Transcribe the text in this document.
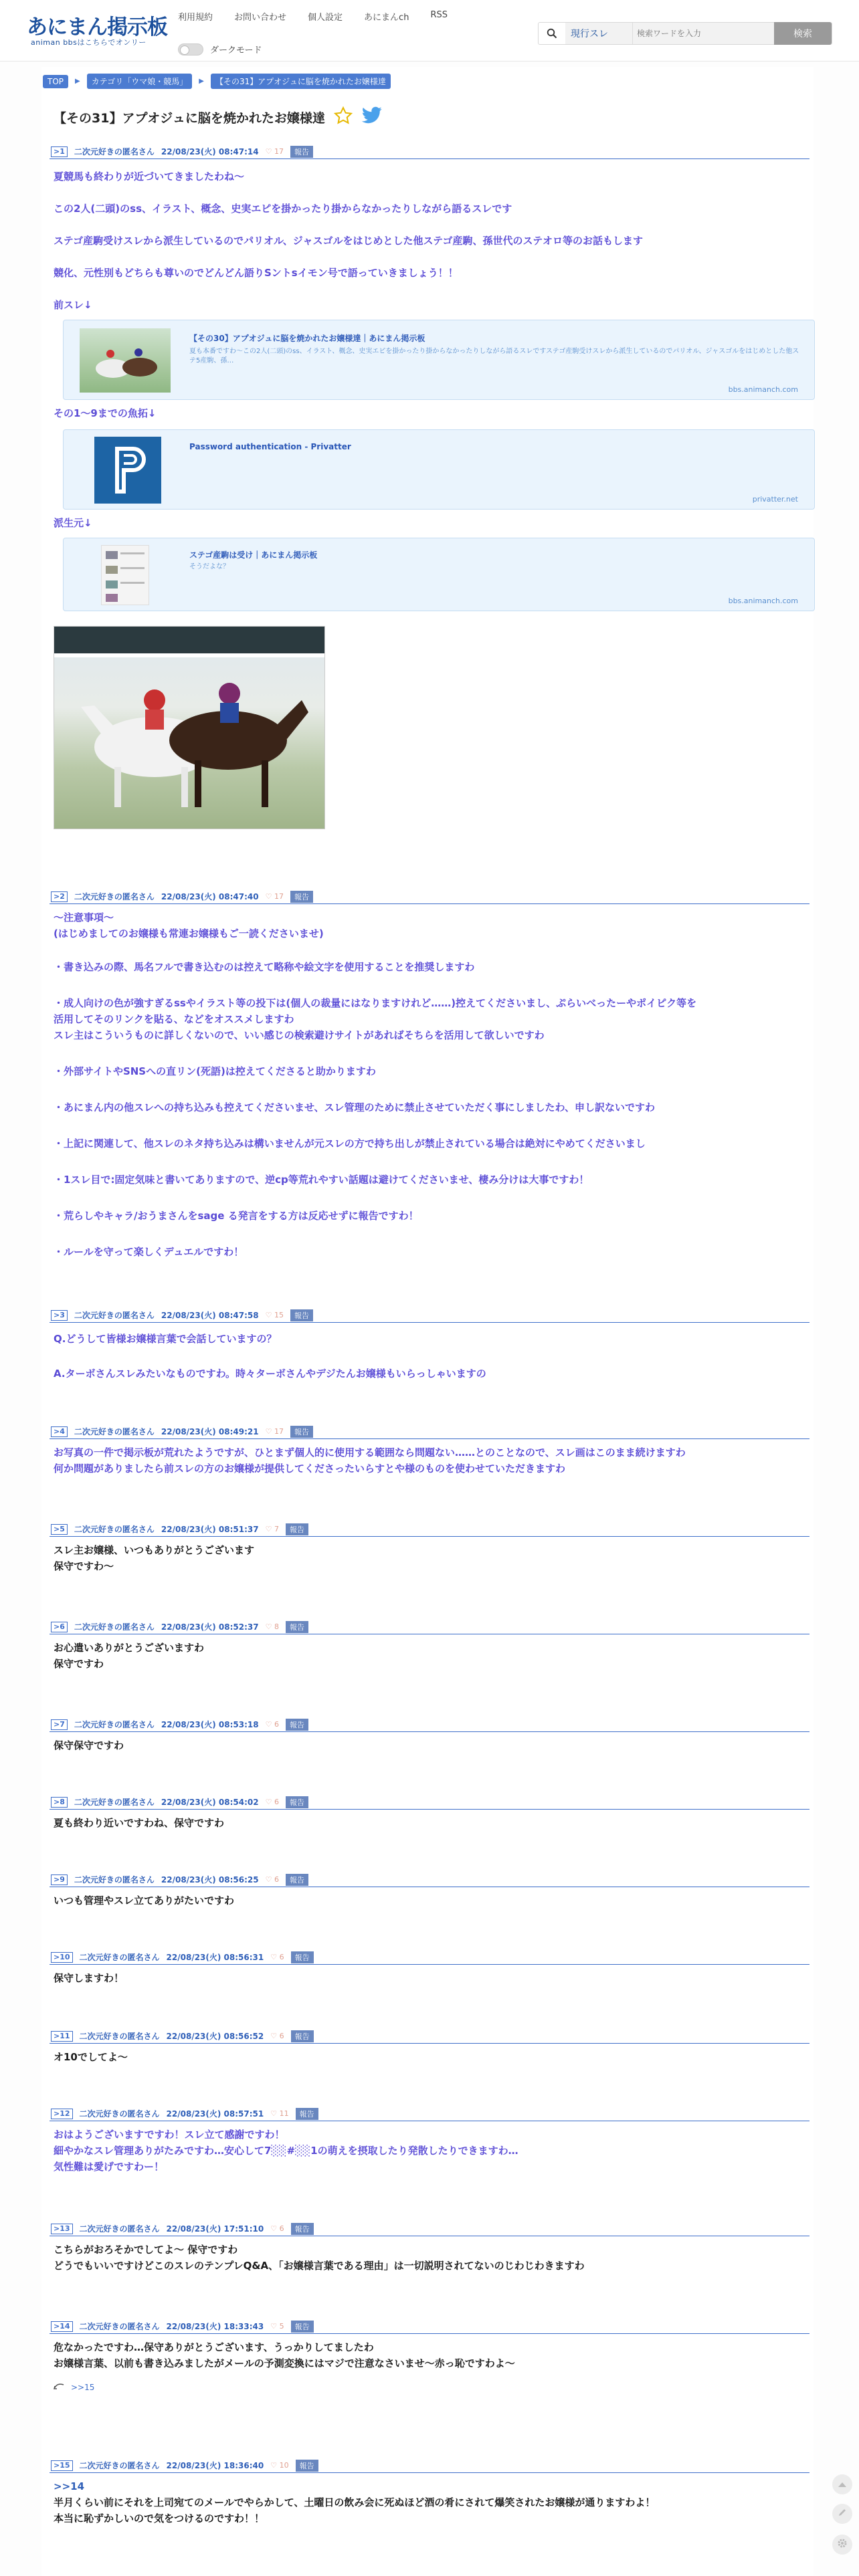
あにまん掲示板
animan bbsはこちらでオンリー
利用規約 お問い合わせ 個人設定 あにまんch RSS
ダークモード
現行スレ
検索ワードを入力	検索
TOP	▶	カテゴリ「ウマ娘・競馬」	▶	【その31】アプオジュに脳を焼かれたお嬢様達
【その31】アプオジュに脳を焼かれたお嬢様達
>1	二次元好きの匿名さん 22/08/23(火) 08:47:14 ♡ 17	報告
夏競馬も終わりが近づいてきましたわね～
この2人(二頭)のss、イラスト、概念、史実エピを掛かったり掛からなかったりしながら語るスレです
ステゴ産駒受けスレから派生しているのでパリオル、ジャスゴルをはじめとした他ステゴ産駒、孫世代のステオロ等のお話もします
競化、元性別もどちらも尊いのでどんどん語りSントsイモン号で語っていきましょう！！
前スレ↓
【その30】アプオジュに脳を焼かれたお嬢様達｜あにまん掲示板
夏も本番ですわ～この2人(二頭)のss、イラスト、概念、史実エピを掛かったり掛からなかったりしながら語るスレですステゴ産駒受けスレから派生しているのでパリオル、ジャスゴルをはじめとした他ステ5産駒、孫…
bbs.animanch.com
その1～9までの魚拓↓
Password authentication - Privatter
privatter.net
派生元↓
ステゴ産駒は受け｜あにまん掲示板
そうだよな？
bbs.animanch.com
>2	二次元好きの匿名さん 22/08/23(火) 08:47:40 ♡ 17	報告
～注意事項～
(はじめましてのお嬢様も常連お嬢様もご一読くださいませ)
・書き込みの際、馬名フルで書き込むのは控えて略称や絵文字を使用することを推奨しますわ
・成人向けの色が強すぎるssやイラスト等の投下は(個人の裁量にはなりますけれど……)控えてくださいまし、ぷらいべったーやポイピク等を
活用してそのリンクを貼る、などをオススメしますわ
スレ主はこういうものに詳しくないので、いい感じの検索避けサイトがあればそちらを活用して欲しいですわ
・外部サイトやSNSへの直リン(死語)は控えてくださると助かりますわ
・あにまん内の他スレへの持ち込みも控えてくださいませ、スレ管理のために禁止させていただく事にしましたわ、申し訳ないですわ
・上記に関連して、他スレのネタ持ち込みは構いませんが元スレの方で持ち出しが禁止されている場合は絶対にやめてくださいまし
・1スレ目で:固定気味と書いてありますので、逆cp等荒れやすい話題は避けてくださいませ、棲み分けは大事ですわ！
・荒らしやキャラ/おうまさんをsage る発言をする方は反応せずに報告ですわ！
・ルールを守って楽しくデュエルですわ！
>3	二次元好きの匿名さん 22/08/23(火) 08:47:58 ♡ 15	報告
Q.どうして皆様お嬢様言葉で会話していますの？
A.ターボさんスレみたいなものですわ。時々ターボさんやデジたんお嬢様もいらっしゃいますの
>4	二次元好きの匿名さん 22/08/23(火) 08:49:21 ♡ 17	報告
お写真の一件で掲示板が荒れたようですが、ひとまず個人的に使用する範囲なら問題ない……とのことなので、スレ画はこのまま続けますわ
何か問題がありましたら前スレの方のお嬢様が提供してくださったいらすとや様のものを使わせていただきますわ
>5	二次元好きの匿名さん 22/08/23(火) 08:51:37 ♡ 7	報告
スレ主お嬢様、いつもありがとうございます
保守ですわ～
>6	二次元好きの匿名さん 22/08/23(火) 08:52:37 ♡ 8	報告
お心遣いありがとうございますわ
保守ですわ
>7	二次元好きの匿名さん 22/08/23(火) 08:53:18 ♡ 6	報告
保守保守ですわ
>8	二次元好きの匿名さん 22/08/23(火) 08:54:02 ♡ 6	報告
夏も終わり近いですわね、保守ですわ
>9	二次元好きの匿名さん 22/08/23(火) 08:56:25 ♡ 6	報告
いつも管理やスレ立てありがたいですわ
>10	二次元好きの匿名さん 22/08/23(火) 08:56:31 ♡ 6	報告
保守しますわ！
>11	二次元好きの匿名さん 22/08/23(火) 08:56:52 ♡ 6	報告
オ10でしてよ～
>12	二次元好きの匿名さん 22/08/23(火) 08:57:51 ♡ 11	報告
おはようございますですわ！スレ立て感謝ですわ！
細やかなスレ管理ありがたみですわ…安心して7░░#░░1の萌えを摂取したり発散したりできますわ…
気性難は愛げですわー！
>13	二次元好きの匿名さん 22/08/23(火) 17:51:10 ♡ 6	報告
こちらがおろそかでしてよ～ 保守ですわ
どうでもいいですけどこのスレのテンプレQ&A、「お嬢様言葉である理由」は一切説明されてないのじわじわきますわ
>14	二次元好きの匿名さん 22/08/23(火) 18:33:43 ♡ 5	報告
危なかったですわ…保守ありがとうございます、うっかりしてましたわ
お嬢様言葉、以前も書き込みましたがメールの予測変換にはマジで注意なさいませ～赤っ恥ですわよ～
>>15
>15	二次元好きの匿名さん 22/08/23(火) 18:36:40 ♡ 10	報告
>>14
半月くらい前にそれを上司宛てのメールでやらかして、土曜日の飲み会に死ぬほど酒の肴にされて爆笑されたお嬢様が通りますわよ！
本当に恥ずかしいので気をつけるのですわ！！
